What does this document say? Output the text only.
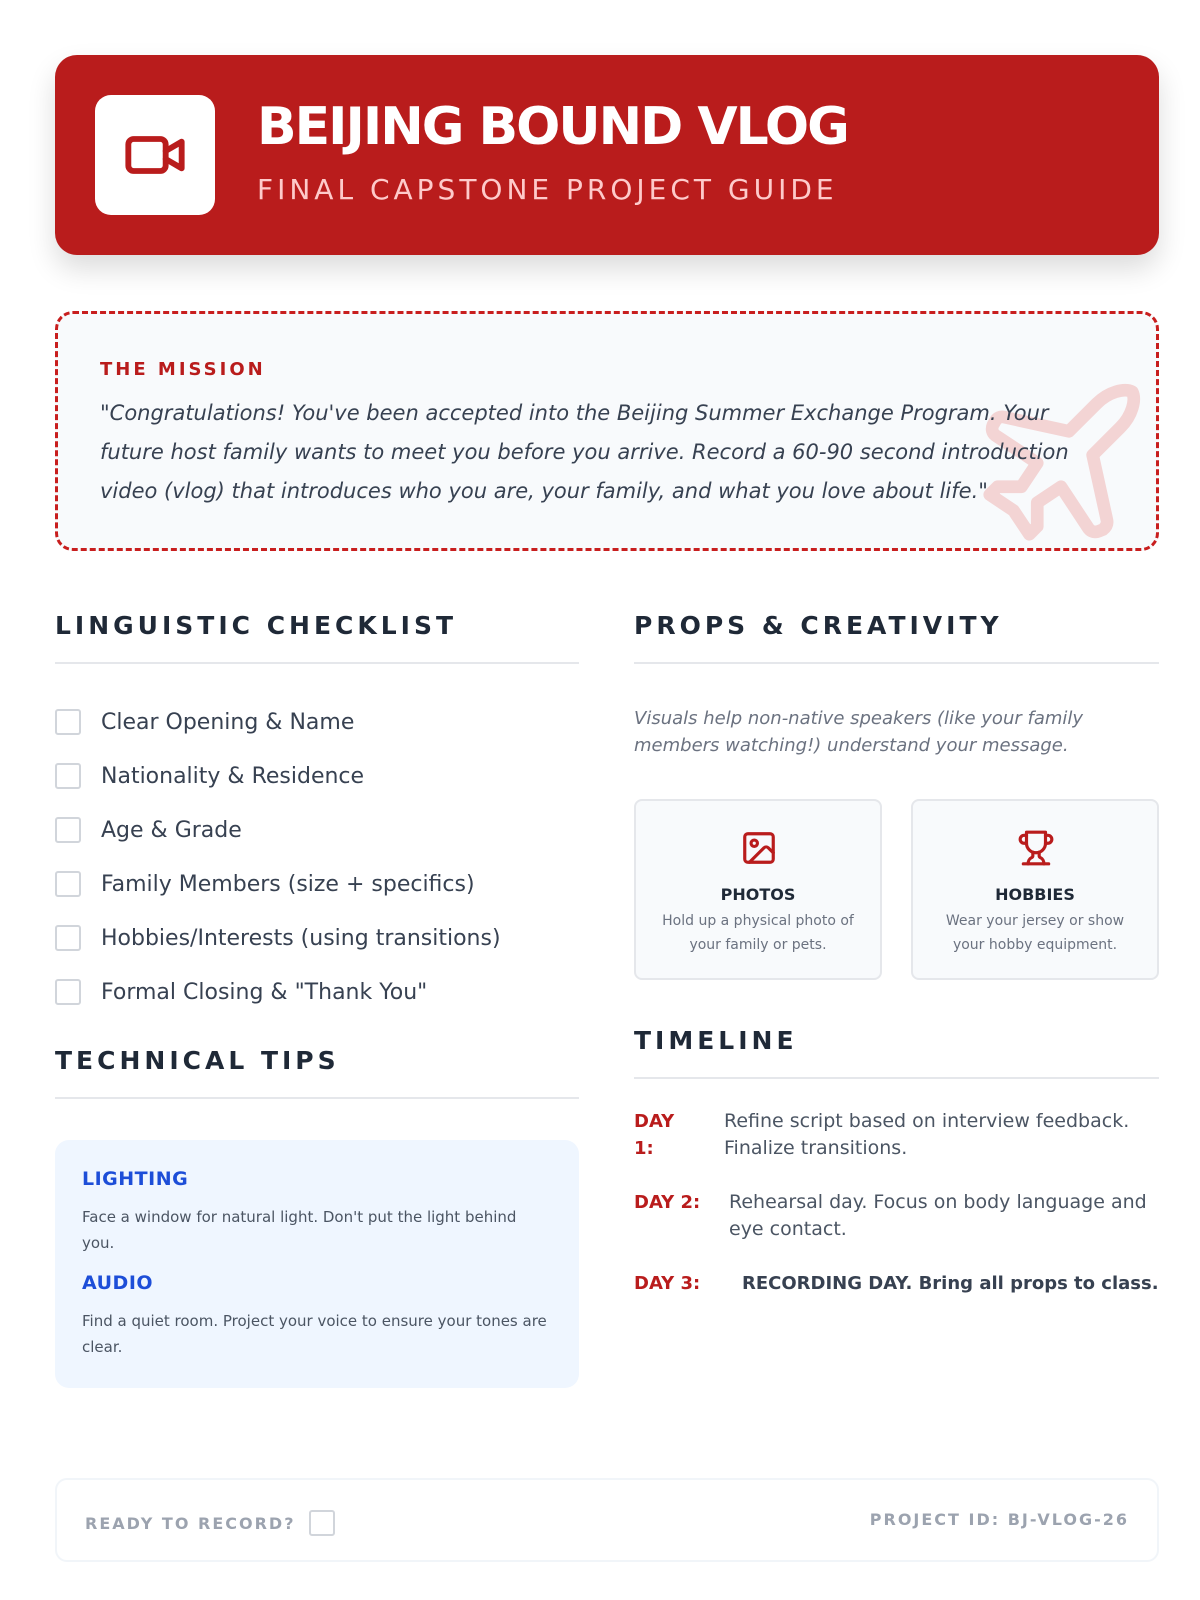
BEIJING BOUND VLOG
FINAL CAPSTONE PROJECT GUIDE
THE MISSION
"Congratulations! You've been accepted into the Beijing Summer Exchange Program. Your future host family wants to meet you before you arrive. Record a 60-90 second introduction video (vlog) that introduces who you are, your family, and what you love about life."
LINGUISTIC CHECKLIST
Clear Opening & Name
Nationality & Residence
Age & Grade
Family Members (size + specifics)
Hobbies/Interests (using transitions)
Formal Closing & "Thank You"
TECHNICAL TIPS
LIGHTING
Face a window for natural light. Don't put the light behind you.
AUDIO
Find a quiet room. Project your voice to ensure your tones are clear.
PROPS & CREATIVITY
Visuals help non-native speakers (like your family members watching!) understand your message.
PHOTOS
Hold up a physical photo of your family or pets.
HOBBIES
Wear your jersey or show your hobby equipment.
TIMELINE
DAY 1:
Refine script based on interview feedback. Finalize transitions.
DAY 2: Rehearsal day. Focus on body language and eye contact.
DAY 3: RECORDING DAY. Bring all props to class.
READY TO RECORD?	PROJECT ID: BJ-VLOG-26
